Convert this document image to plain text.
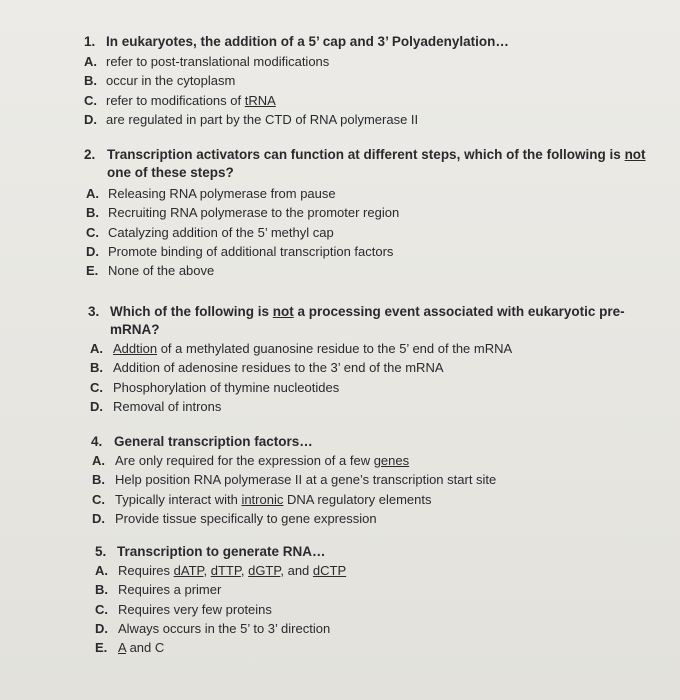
1. In eukaryotes, the addition of a 5’ cap and 3’ Polyadenylation…
A. refer to post-translational modifications
B. occur in the cytoplasm
C. refer to modifications of tRNA
D. are regulated in part by the CTD of RNA polymerase II
2. Transcription activators can function at different steps, which of the following is not
one of these steps?
A. Releasing RNA polymerase from pause
B. Recruiting RNA polymerase to the promoter region
C. Catalyzing addition of the 5’ methyl cap
D. Promote binding of additional transcription factors
E. None of the above
3. Which of the following is not a processing event associated with eukaryotic pre-
mRNA?
A. Addtion of a methylated guanosine residue to the 5’ end of the mRNA
B. Addition of adenosine residues to the 3’ end of the mRNA
C. Phosphorylation of thymine nucleotides
D. Removal of introns
4. General transcription factors…
A. Are only required for the expression of a few genes
B. Help position RNA polymerase II at a gene’s transcription start site
C. Typically interact with intronic DNA regulatory elements
D. Provide tissue specifically to gene expression
5. Transcription to generate RNA…
A. Requires dATP, dTTP, dGTP, and dCTP
B. Requires a primer
C. Requires very few proteins
D. Always occurs in the 5’ to 3’ direction
E. A and C
